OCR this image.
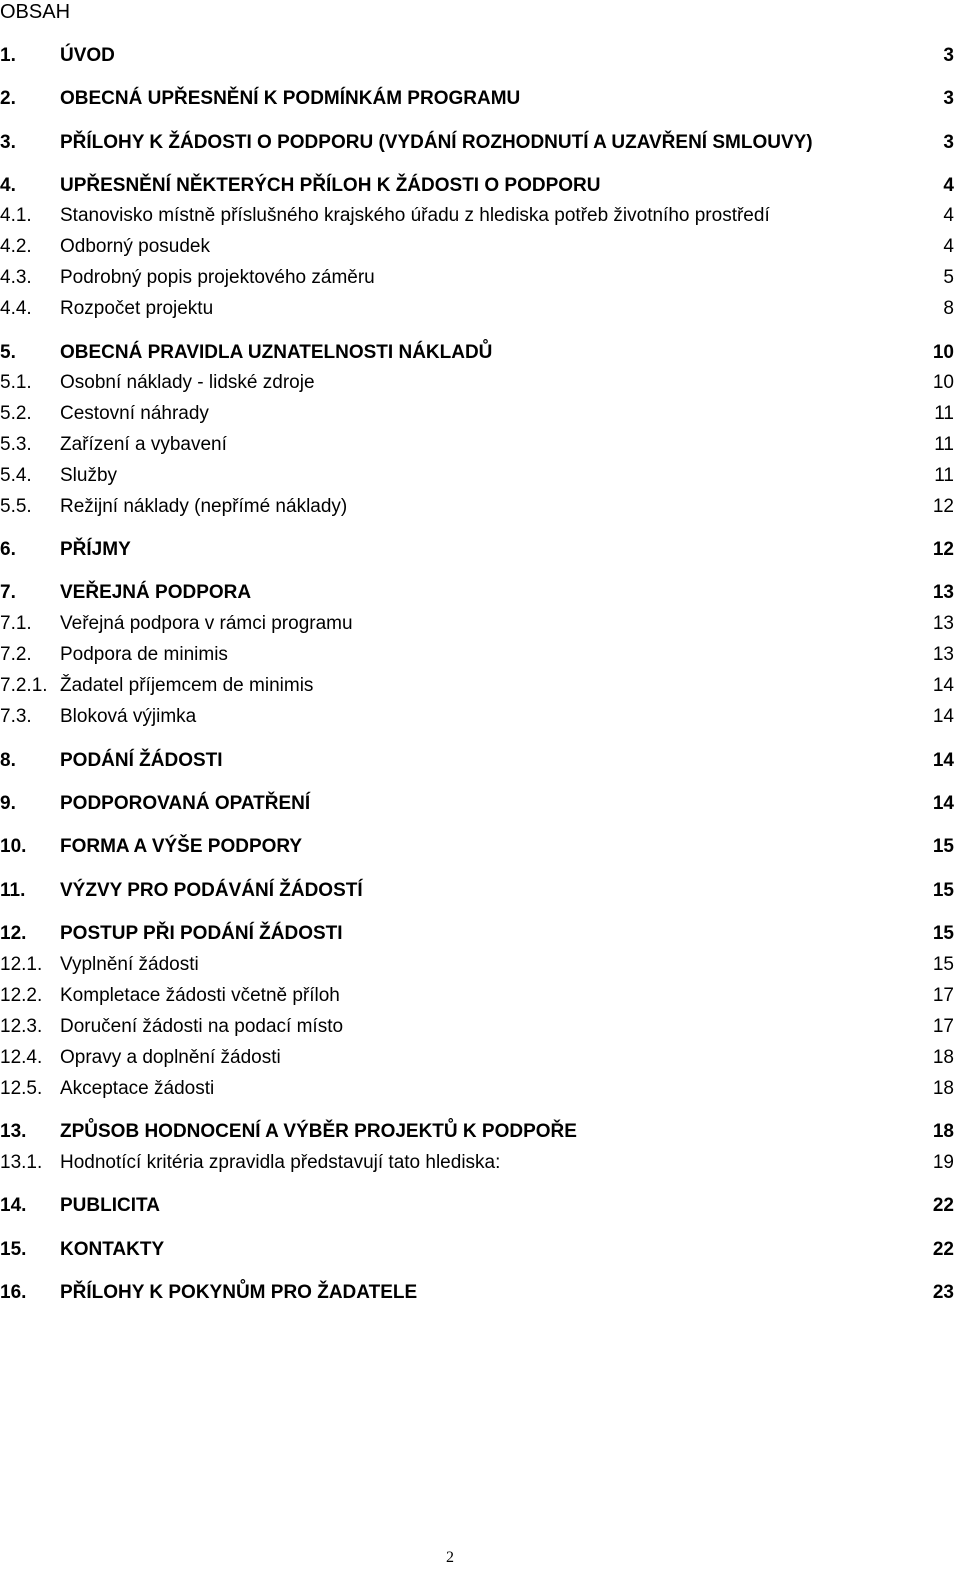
OBSAH
1. ÚVOD	3
2. OBECNÁ UPŘESNĚNÍ K PODMÍNKÁM PROGRAMU	3
3. PŘÍLOHY K ŽÁDOSTI O PODPORU (VYDÁNÍ ROZHODNUTÍ A UZAVŘENÍ SMLOUVY)	3
4. UPŘESNĚNÍ NĚKTERÝCH PŘÍLOH K ŽÁDOSTI O PODPORU	4
4.1. Stanovisko místně příslušného krajského úřadu z hlediska potřeb životního prostředí	4
4.2. Odborný posudek	4
4.3. Podrobný popis projektového záměru	5
4.4. Rozpočet projektu	8
5. OBECNÁ PRAVIDLA UZNATELNOSTI NÁKLADŮ	10
5.1. Osobní náklady - lidské zdroje	10
5.2. Cestovní náhrady	11
5.3. Zařízení a vybavení	11
5.4. Služby	11
5.5. Režijní náklady (nepřímé náklady)	12
6. PŘÍJMY	12
7. VEŘEJNÁ PODPORA	13
7.1. Veřejná podpora v rámci programu	13
7.2. Podpora de minimis	13
7.2.1. Žadatel příjemcem de minimis	14
7.3. Bloková výjimka	14
8. PODÁNÍ ŽÁDOSTI	14
9. PODPOROVANÁ OPATŘENÍ	14
10. FORMA A VÝŠE PODPORY	15
11. VÝZVY PRO PODÁVÁNÍ ŽÁDOSTÍ	15
12. POSTUP PŘI PODÁNÍ ŽÁDOSTI	15
12.1. Vyplnění žádosti	15
12.2. Kompletace žádosti včetně příloh	17
12.3. Doručení žádosti na podací místo	17
12.4. Opravy a doplnění žádosti	18
12.5. Akceptace žádosti	18
13. ZPŮSOB HODNOCENÍ A VÝBĚR PROJEKTŮ K PODPOŘE	18
13.1. Hodnotící kritéria zpravidla představují tato hlediska:	19
14. PUBLICITA	22
15. KONTAKTY	22
16. PŘÍLOHY K POKYNŮM PRO ŽADATELE	23
2
